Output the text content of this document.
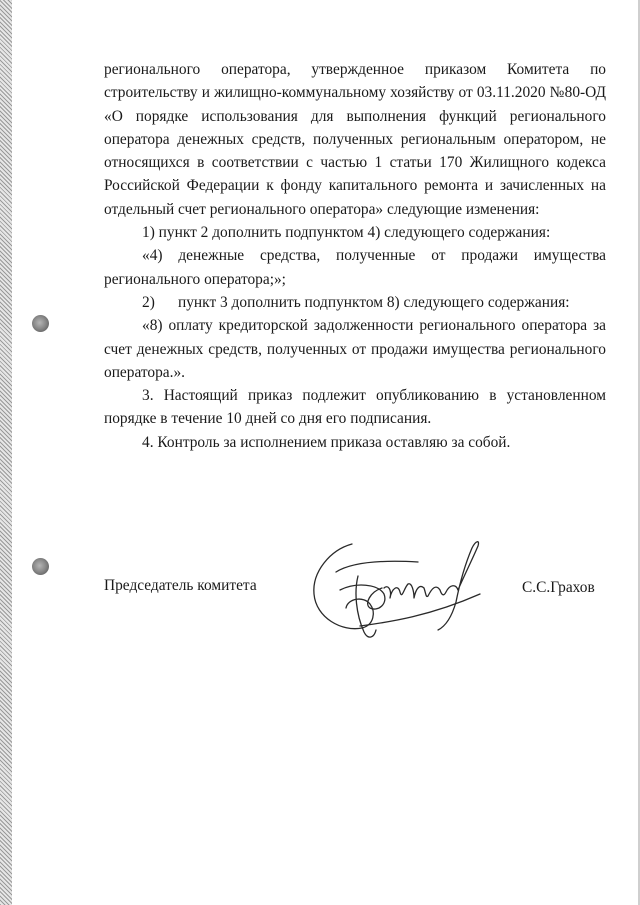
регионального оператора, утвержденное приказом Комитета по строительству и жилищно-коммунальному хозяйству от 03.11.2020 №80-ОД «О порядке использования для выполнения функций регионального оператора денежных средств, полученных региональным оператором, не относящихся в соответствии с частью 1 статьи 170 Жилищного кодекса Российской Федерации к фонду капитального ремонта и зачисленных на отдельный счет регионального оператора» следующие изменения:

1) пункт 2 дополнить подпунктом 4) следующего содержания:

«4) денежные средства, полученные от продажи имущества регионального оператора;»;

2) пункт 3 дополнить подпунктом 8) следующего содержания:

«8) оплату кредиторской задолженности регионального оператора за счет денежных средств, полученных от продажи имущества регионального оператора.».

3. Настоящий приказ подлежит опубликованию в установленном порядке в течение 10 дней со дня его подписания.

4. Контроль за исполнением приказа оставляю за собой.

Председатель комитета	С.С.Грахов
